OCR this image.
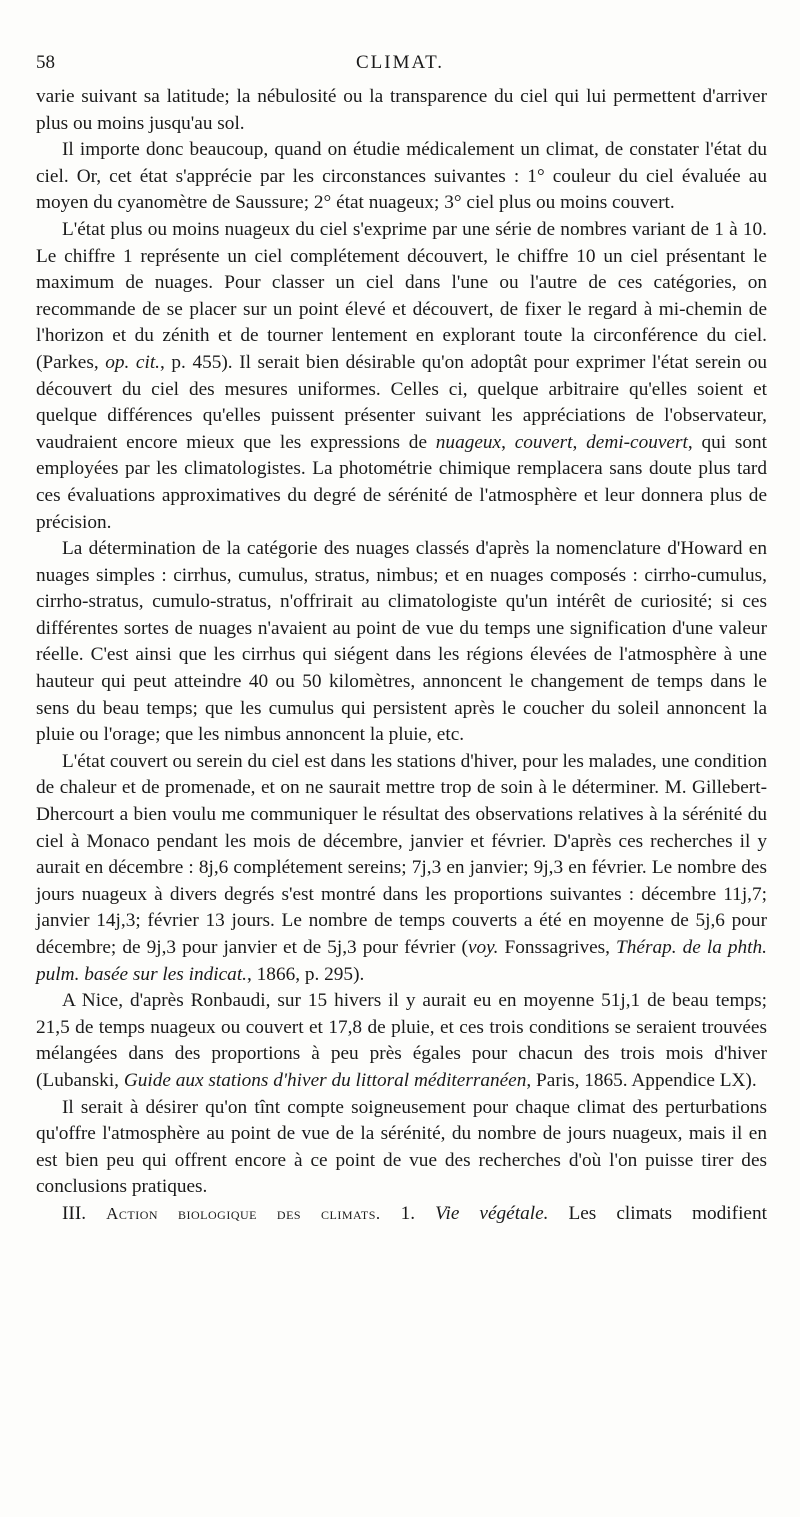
58	CLIMAT.

varie suivant sa latitude; la nébulosité ou la transparence du ciel qui lui permettent d'arriver plus ou moins jusqu'au sol.

Il importe donc beaucoup, quand on étudie médicalement un climat, de constater l'état du ciel. Or, cet état s'apprécie par les circonstances suivantes : 1° couleur du ciel évaluée au moyen du cyanomètre de Saussure; 2° état nuageux; 3° ciel plus ou moins couvert.

L'état plus ou moins nuageux du ciel s'exprime par une série de nombres variant de 1 à 10. Le chiffre 1 représente un ciel complétement découvert, le chiffre 10 un ciel présentant le maximum de nuages. Pour classer un ciel dans l'une ou l'autre de ces catégories, on recommande de se placer sur un point élevé et découvert, de fixer le regard à mi-chemin de l'horizon et du zénith et de tourner lentement en explorant toute la circonférence du ciel. (Parkes, op. cit., p. 455). Il serait bien désirable qu'on adoptât pour exprimer l'état serein ou découvert du ciel des mesures uniformes. Celles ci, quelque arbitraire qu'elles soient et quelque différences qu'elles puissent présenter suivant les appréciations de l'observateur, vaudraient encore mieux que les expressions de nuageux, couvert, demi-couvert, qui sont employées par les climatologistes. La photométrie chimique remplacera sans doute plus tard ces évaluations approximatives du degré de sérénité de l'atmosphère et leur donnera plus de précision.

La détermination de la catégorie des nuages classés d'après la nomenclature d'Howard en nuages simples : cirrhus, cumulus, stratus, nimbus; et en nuages composés : cirrho-cumulus, cirrho-stratus, cumulo-stratus, n'offrirait au climatologiste qu'un intérêt de curiosité; si ces différentes sortes de nuages n'avaient au point de vue du temps une signification d'une valeur réelle. C'est ainsi que les cirrhus qui siégent dans les régions élevées de l'atmosphère à une hauteur qui peut atteindre 40 ou 50 kilomètres, annoncent le changement de temps dans le sens du beau temps; que les cumulus qui persistent après le coucher du soleil annoncent la pluie ou l'orage; que les nimbus annoncent la pluie, etc.

L'état couvert ou serein du ciel est dans les stations d'hiver, pour les malades, une condition de chaleur et de promenade, et on ne saurait mettre trop de soin à le déterminer. M. Gillebert-Dhercourt a bien voulu me communiquer le résultat des observations relatives à la sérénité du ciel à Monaco pendant les mois de décembre, janvier et février. D'après ces recherches il y aurait en décembre : 8j,6 complétement sereins; 7j,3 en janvier; 9j,3 en février. Le nombre des jours nuageux à divers degrés s'est montré dans les proportions suivantes : décembre 11j,7; janvier 14j,3; février 13 jours. Le nombre de temps couverts a été en moyenne de 5j,6 pour décembre; de 9j,3 pour janvier et de 5j,3 pour février (voy. Fonssagrives, Thérap. de la phth. pulm. basée sur les indicat., 1866, p. 295).

A Nice, d'après Ronbaudi, sur 15 hivers il y aurait eu en moyenne 51j,1 de beau temps; 21,5 de temps nuageux ou couvert et 17,8 de pluie, et ces trois conditions se seraient trouvées mélangées dans des proportions à peu près égales pour chacun des trois mois d'hiver (Lubanski, Guide aux stations d'hiver du littoral méditerranéen, Paris, 1865. Appendice LX).

Il serait à désirer qu'on tînt compte soigneusement pour chaque climat des perturbations qu'offre l'atmosphère au point de vue de la sérénité, du nombre de jours nuageux, mais il en est bien peu qui offrent encore à ce point de vue des recherches d'où l'on puisse tirer des conclusions pratiques.

III. Action biologique des climats. 1. Vie végétale. Les climats modifient
